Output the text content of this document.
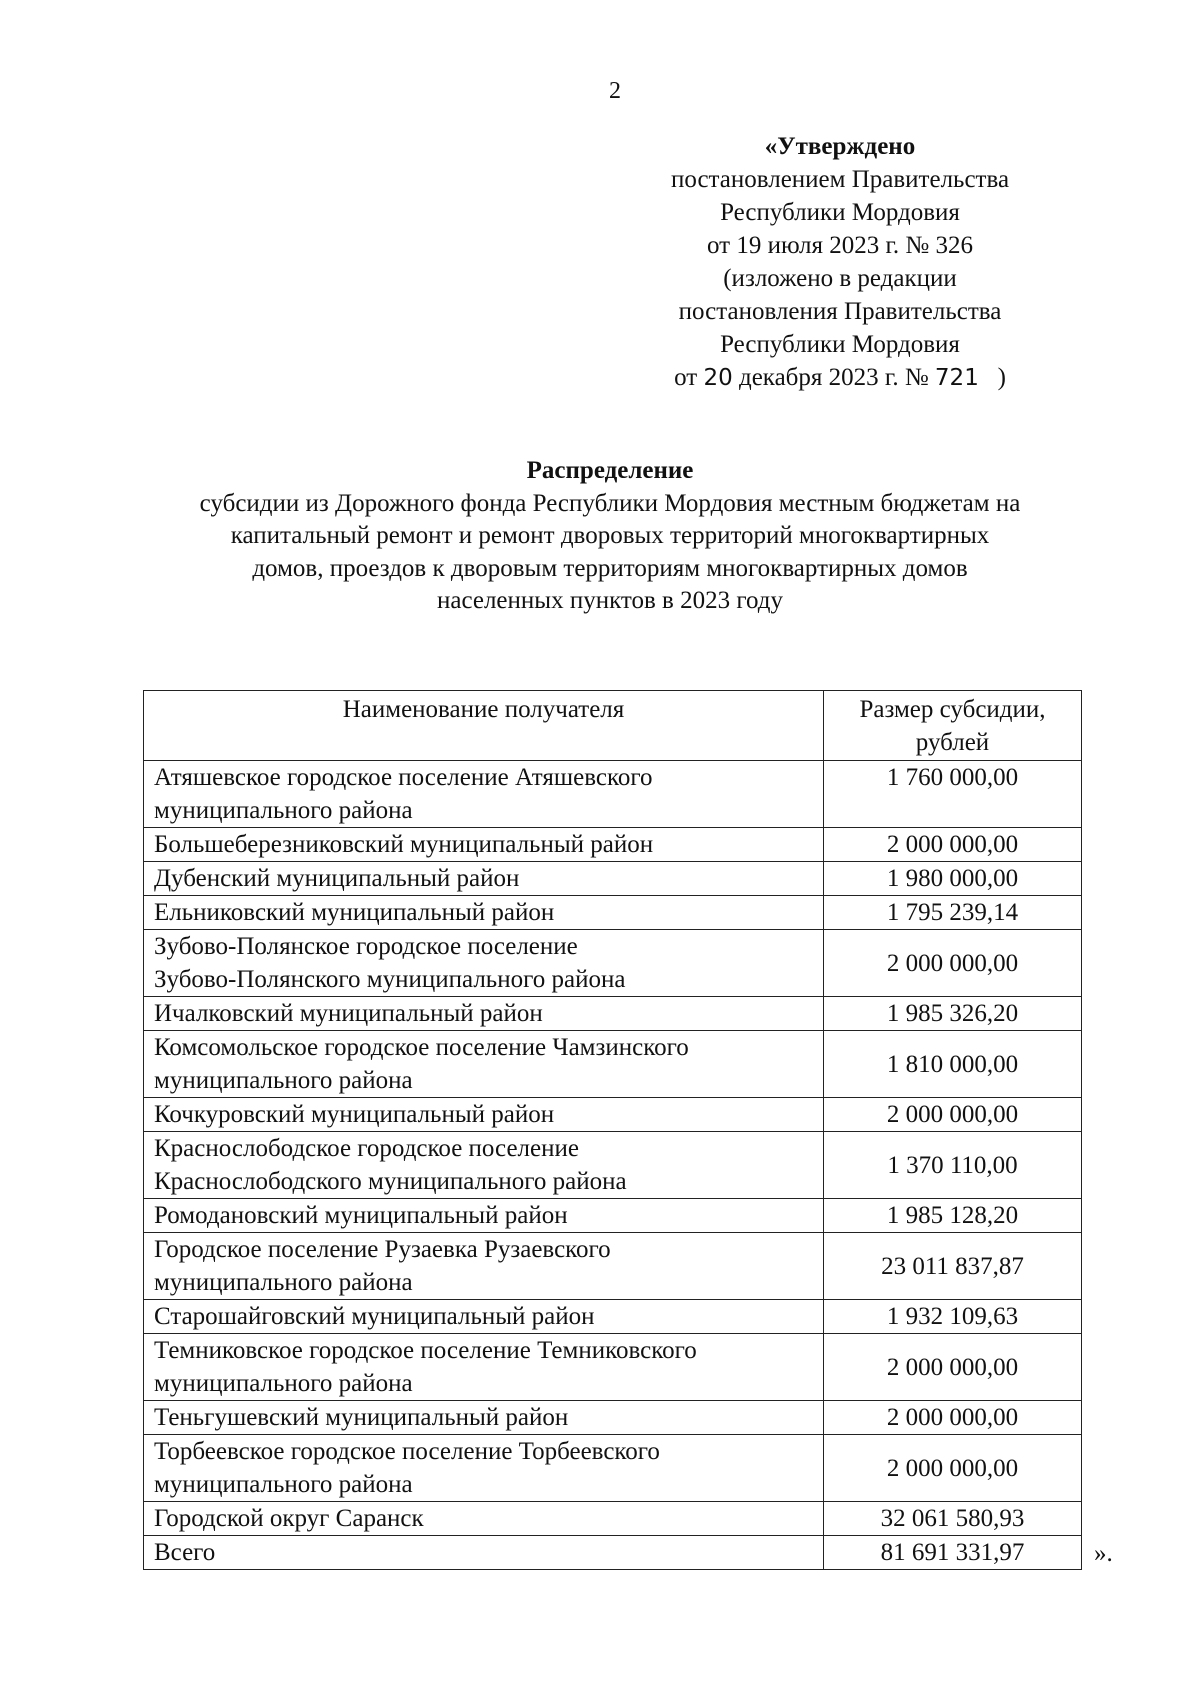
2
«Утверждено
постановлением Правительства
Республики Мордовия
от 19 июля 2023 г. № 326
(изложено в редакции
постановления Правительства
Республики Мордовия
от 20 декабря 2023 г. № 721 )
Распределение
субсидии из Дорожного фонда Республики Мордовия местным бюджетам на
капитальный ремонт и ремонт дворовых территорий многоквартирных
домов, проездов к дворовым территориям многоквартирных домов
населенных пунктов в 2023 году
Наименование получателя	Размер субсидии,
рублей

Атяшевское городское поселение Атяшевского
муниципального района	1 760 000,00

Большеберезниковский муниципальный район	2 000 000,00

Дубенский муниципальный район	1 980 000,00

Ельниковский муниципальный район	1 795 239,14

Зубово-Полянское городское поселение
Зубово-Полянского муниципального района	2 000 000,00

Ичалковский муниципальный район	1 985 326,20

Комсомольское городское поселение Чамзинского
муниципального района	1 810 000,00

Кочкуровский муниципальный район	2 000 000,00

Краснослободское городское поселение
Краснослободского муниципального района	1 370 110,00

Ромодановский муниципальный район	1 985 128,20

Городское поселение Рузаевка Рузаевского
муниципального района	23 011 837,87

Старошайговский муниципальный район	1 932 109,63

Темниковское городское поселение Темниковского
муниципального района	2 000 000,00

Теньгушевский муниципальный район	2 000 000,00

Торбеевское городское поселение Торбеевского
муниципального района	2 000 000,00

Городской округ Саранск	32 061 580,93
Всего	81 691 331,97	».
